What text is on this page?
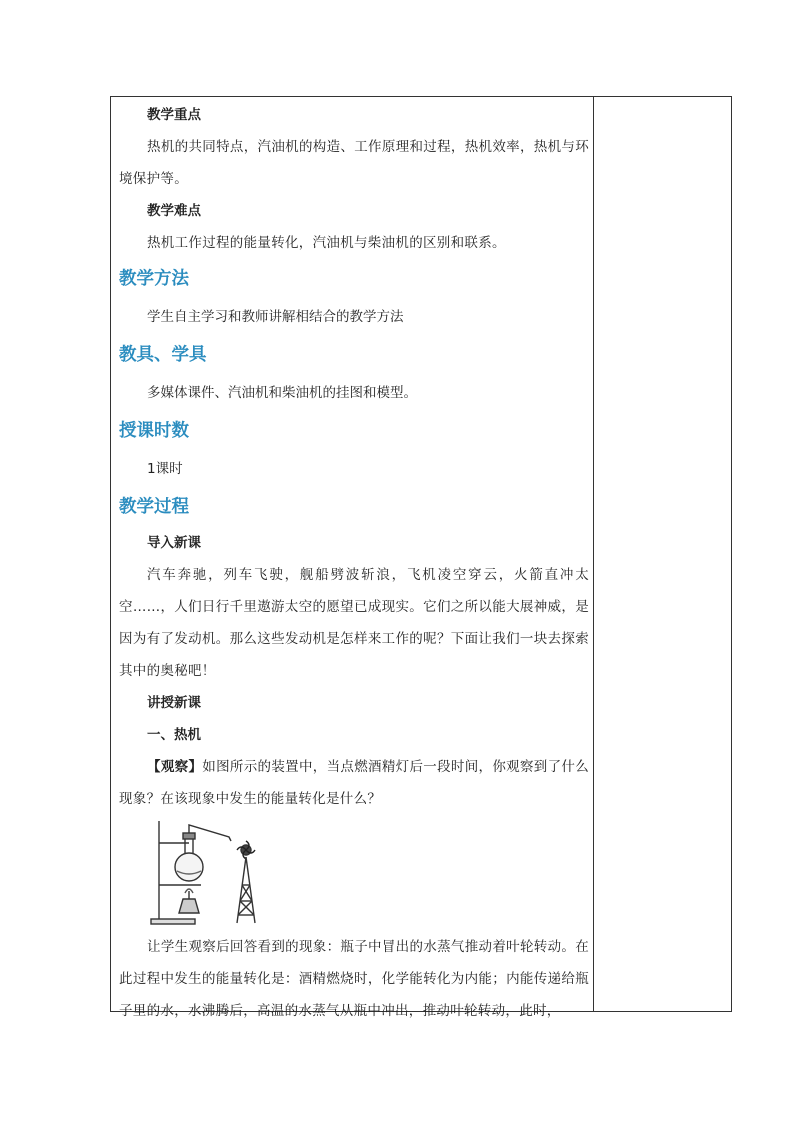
教学重点
热机的共同特点，汽油机的构造、工作原理和过程，热机效率，热机与环境保护等。
教学难点
热机工作过程的能量转化，汽油机与柴油机的区别和联系。
教学方法
学生自主学习和教师讲解相结合的教学方法
教具、学具
多媒体课件、汽油机和柴油机的挂图和模型。
授课时数
1课时
教学过程
导入新课
汽车奔驰，列车飞驶，舰船劈波斩浪，飞机凌空穿云，火箭直冲太空……，人们日行千里遨游太空的愿望已成现实。它们之所以能大展神威，是因为有了发动机。那么这些发动机是怎样来工作的呢？下面让我们一块去探索其中的奥秘吧！
讲授新课
一、热机
【观察】如图所示的装置中，当点燃酒精灯后一段时间，你观察到了什么现象？在该现象中发生的能量转化是什么？
让学生观察后回答看到的现象：瓶子中冒出的水蒸气推动着叶轮转动。在此过程中发生的能量转化是：酒精燃烧时，化学能转化为内能；内能传递给瓶子里的水，水沸腾后，高温的水蒸气从瓶中冲出，推动叶轮转动，此时，
